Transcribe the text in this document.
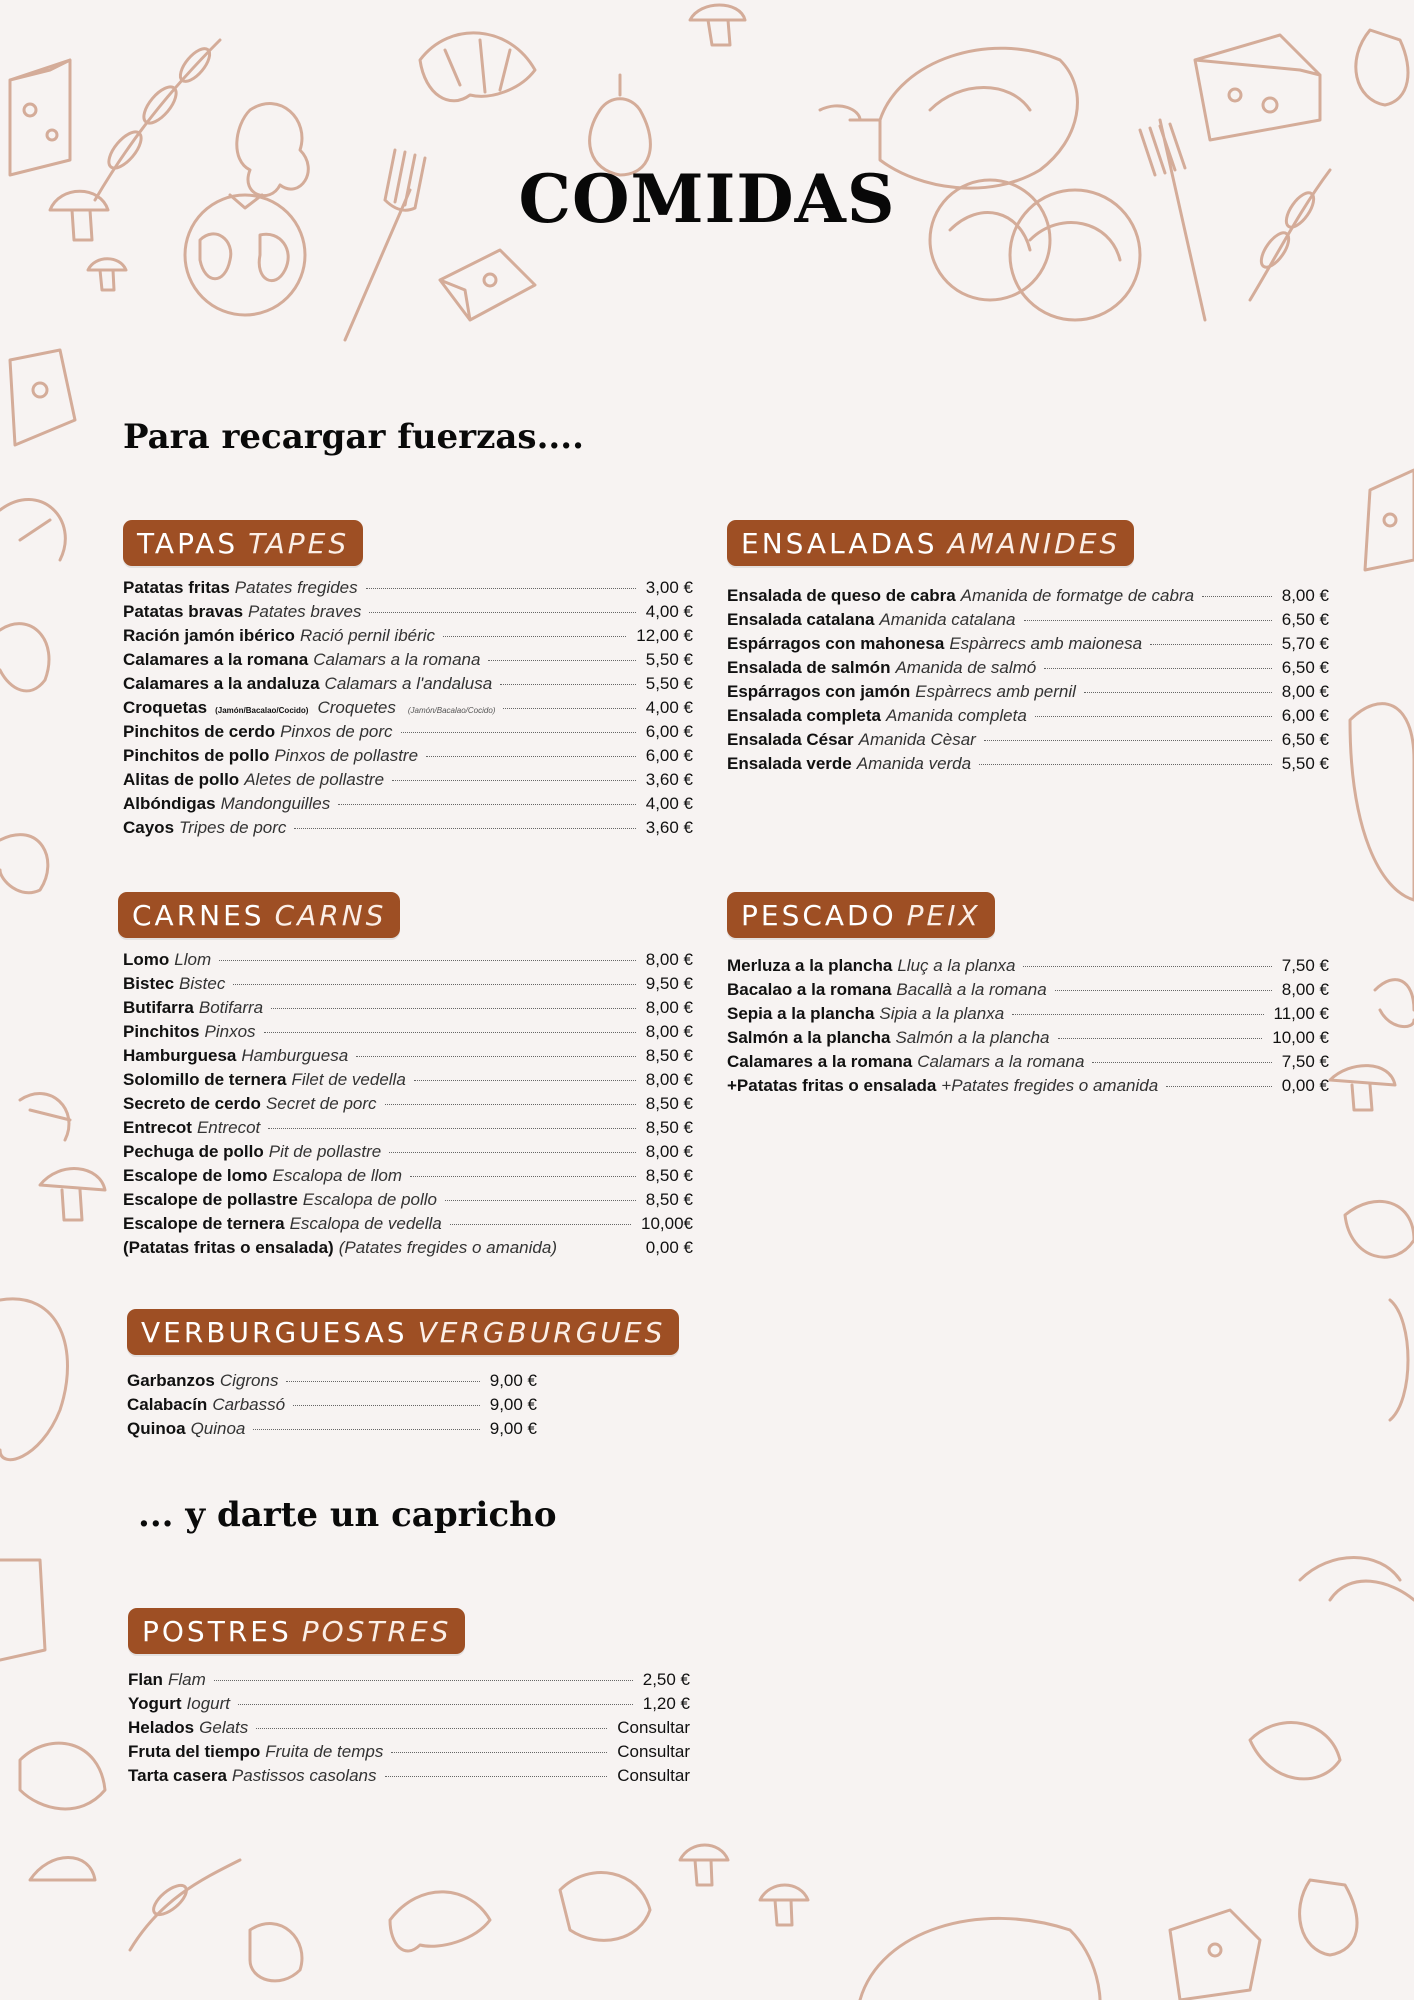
COMIDAS
Para recargar fuerzas....
... y darte un capricho
TAPAS TAPES
Patatas fritas Patates fregides	3,00 €
Patatas bravas Patates braves	4,00 €
Ración jamón ibérico Ració pernil ibéric	12,00 €
Calamares a la romana Calamars a la romana	5,50 €
Calamares a la andaluza Calamars a l'andalusa	5,50 €
Croquetas (Jamón/Bacalao/Cocido) Croquetes (Jamón/Bacalao/Cocido)	4,00 €
Pinchitos de cerdo Pinxos de porc	6,00 €
Pinchitos de pollo Pinxos de pollastre	6,00 €
Alitas de pollo Aletes de pollastre	3,60 €
Albóndigas Mandonguilles	4,00 €
Cayos Tripes de porc	3,60 €
ENSALADAS AMANIDES
Ensalada de queso de cabra Amanida de formatge de cabra	8,00 €
Ensalada catalana Amanida catalana	6,50 €
Espárragos con mahonesa Espàrrecs amb maionesa	5,70 €
Ensalada de salmón Amanida de salmó	6,50 €
Espárragos con jamón Espàrrecs amb pernil	8,00 €
Ensalada completa Amanida completa	6,00 €
Ensalada César Amanida Cèsar	6,50 €
Ensalada verde Amanida verda	5,50 €
CARNES CARNS
Lomo Llom	8,00 €
Bistec Bistec	9,50 €
Butifarra Botifarra	8,00 €
Pinchitos Pinxos	8,00 €
Hamburguesa Hamburguesa	8,50 €
Solomillo de ternera Filet de vedella	8,00 €
Secreto de cerdo Secret de porc	8,50 €
Entrecot Entrecot	8,50 €
Pechuga de pollo Pit de pollastre	8,00 €
Escalope de lomo Escalopa de llom	8,50 €
Escalope de pollastre Escalopa de pollo	8,50 €
Escalope de ternera Escalopa de vedella	10,00€
(Patatas fritas o ensalada) (Patates fregides o amanida)	0,00 €
PESCADO PEIX
Merluza a la plancha Lluç a la planxa	7,50 €
Bacalao a la romana Bacallà a la romana	8,00 €
Sepia a la plancha Sipia a la planxa	11,00 €
Salmón a la plancha Salmón a la plancha	10,00 €
Calamares a la romana Calamars a la romana	7,50 €
+Patatas fritas o ensalada +Patates fregides o amanida	0,00 €
VERBURGUESAS VERGBURGUES
Garbanzos Cigrons	9,00 €
Calabacín Carbassó	9,00 €
Quinoa Quinoa	9,00 €
POSTRES POSTRES
Flan Flam	2,50 €
Yogurt Iogurt	1,20 €
Helados Gelats	Consultar
Fruta del tiempo Fruita de temps	Consultar
Tarta casera Pastissos casolans	Consultar
